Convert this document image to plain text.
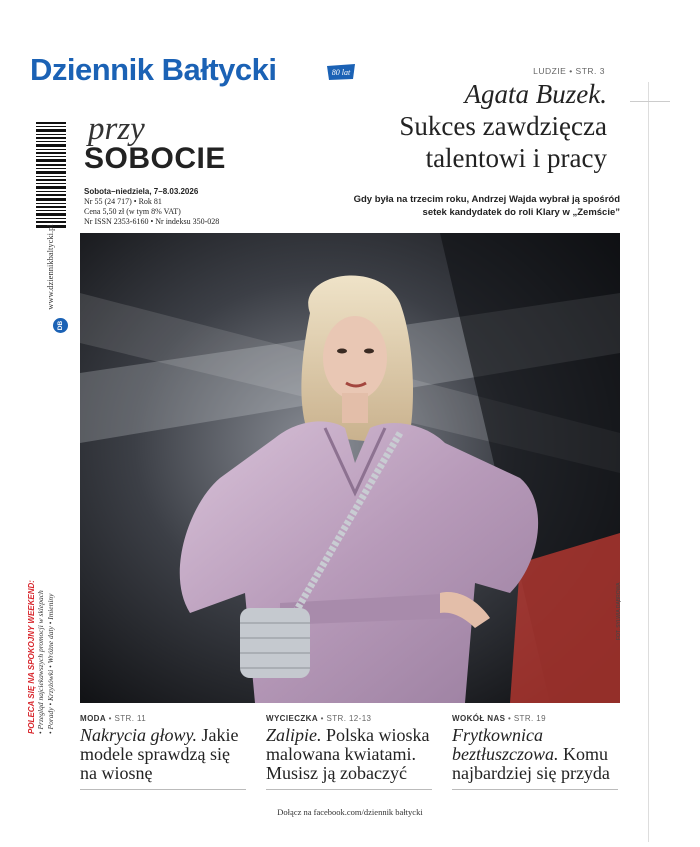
Dziennik Bałtycki	80 lat	LUDZIE • STR. 3
Agata Buzek.
Sukces zawdzięcza talentowi i pracy
Gdy była na trzecim roku, Andrzej Wajda wybrał ją spośród
setek kandydatek do roli Klary w „Zemście”
przy
SOBOCIE
Sobota–niedziela, 7–8.03.2026
Nr 55 (24 717) • Rok 81
Cena 5,50 zł (w tym 8% VAT)
Nr ISSN 2353-6160 • Nr indeksu 350-028
www.dziennikbaltycki.pl
DB
POLECA SIĘ NA SPOKOJNY WEEKEND: • Przegląd najciekawszych promocji w sklepach • Porady • Krzyżówki • Wróżne daty • Imieniny	FOT. SYLWIA DĄBROWA
MODA • STR. 11
Nakrycia głowy. Jakie modele sprawdzą się na wiosnę
WYCIECZKA • STR. 12-13
Zalipie. Polska wioska malowana kwiatami. Musisz ją zobaczyć
WOKÓŁ NAS • STR. 19
Frytkownica beztłuszczowa. Komu najbardziej się przyda
Dołącz na facebook.com/dziennik bałtycki
